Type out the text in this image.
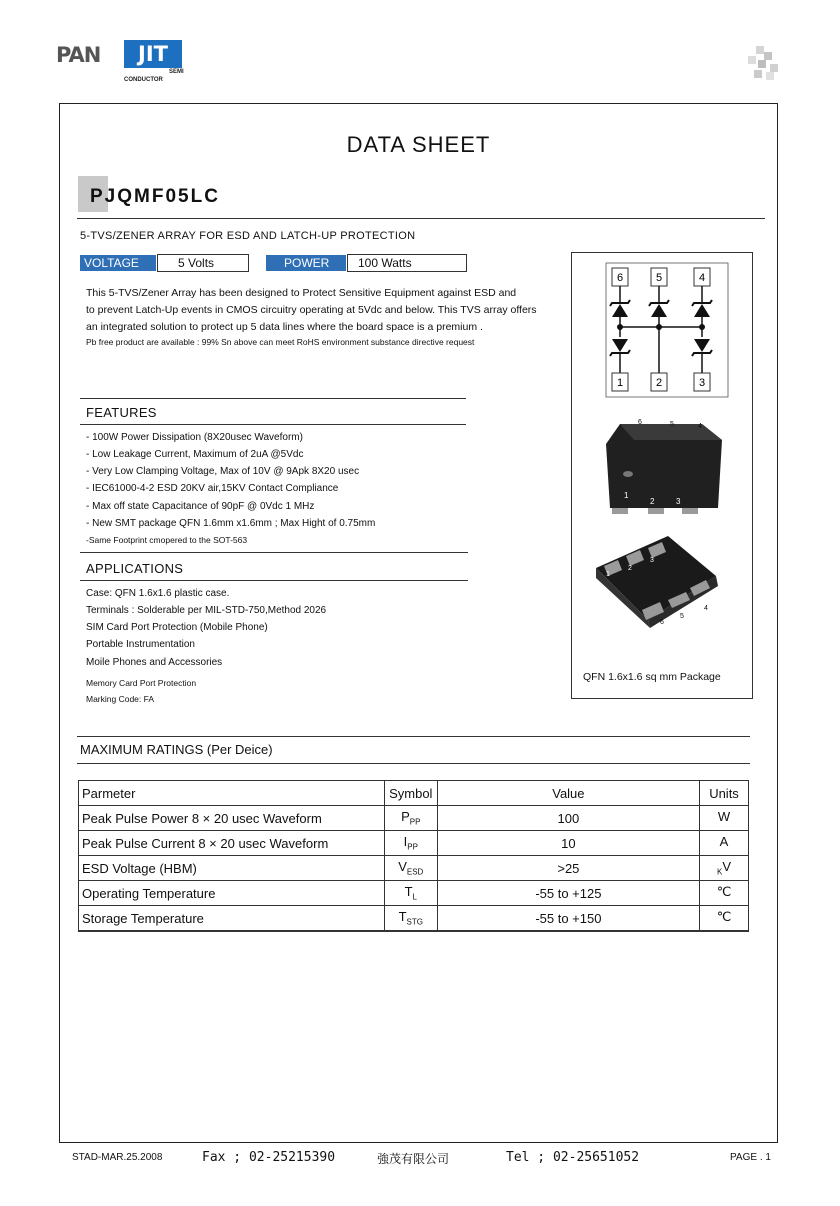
PAN	JIT
SEMI
CONDUCTOR
DATA SHEET
PJQMF05LC
5-TVS/ZENER ARRAY FOR ESD AND LATCH-UP PROTECTION
VOLTAGE	5 Volts	POWER	100 Watts
This 5-TVS/Zener Array has been designed to Protect Sensitive Equipment against ESD and
to prevent Latch-Up events in CMOS circuitry operating at 5Vdc and below. This TVS array offers
an integrated solution to protect up 5 data lines where the board space is a premium .
Pb free product are available : 99% Sn above can meet RoHS environment substance directive request
FEATURES
- 100W Power Dissipation (8X20usec Waveform)
- Low Leakage Current, Maximum of 2uA @5Vdc
- Very Low Clamping Voltage, Max of 10V @ 9Apk 8X20 usec
- IEC61000-4-2 ESD 20KV air,15KV Contact Compliance
- Max off state Capacitance of 90pF @ 0Vdc 1 MHz
- New SMT package QFN 1.6mm x1.6mm ; Max Hight of 0.75mm
-Same Footprint cmopered to the SOT-563
APPLICATIONS
Case: QFN 1.6x1.6 plastic case.
Terminals : Solderable per MIL-STD-750,Method 2026
SIM Card Port Protection (Mobile Phone)
Portable Instrumentation
Moile Phones and Accessories
Memory Card Port Protection
Marking Code: FA
6	5	4
1	2	3
6	5	4
1
2	3
1
2
3
6
5
4
QFN 1.6x1.6 sq mm Package
MAXIMUM RATINGS (Per Deice)
Parmeter	Symbol	Value	Units
Peak Pulse Power 8 × 20 usec Waveform	$P_{PP}$	100	W
Peak Pulse Current 8 × 20 usec Waveform	$I_{PP}$	10	A
ESD Voltage (HBM)	$V_{ESD}$	>25	$_K$V
Operating Temperature	$T_L$	-55 to +125	℃
Storage Temperature	$T_{STG}$	-55 to +150	℃
STAD-MAR.25.2008	Fax ; 02-25215390	強茂有限公司	Tel ; 02-25651052	PAGE . 1
